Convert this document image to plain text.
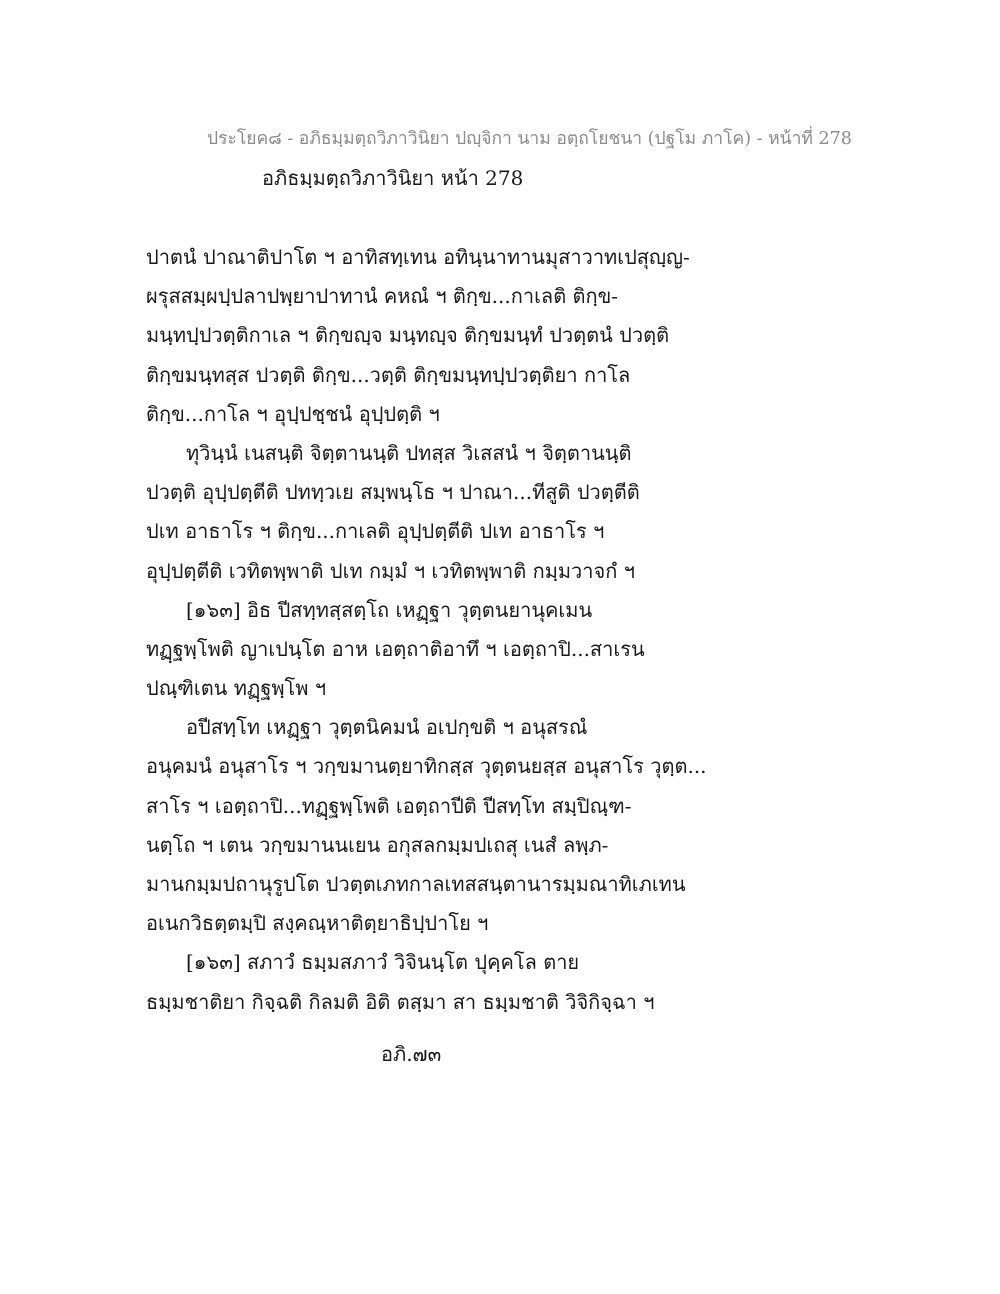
ประโยค๘ - อภิธมฺมตฺถวิภาวินิยา ปญฺจิกา นาม อตฺถโยชนา (ปฐโม ภาโค) - หน้าที่ 278
อภิธมฺมตฺถวิภาวินิยา หน้า 278
ปาตนํ ปาณาติปาโต ฯ อาทิสทฺเทน อทินฺนาทานมุสาวาทเปสุญฺญ-
ผรุสสมฺผปฺปลาปพฺยาปาทานํ คหณํ ฯ ติกฺข...กาเลติ ติกฺข-
มนฺทปฺปวตฺติกาเล ฯ ติกฺขญฺจ มนฺทญฺจ ติกฺขมนฺทํ ปวตฺตนํ ปวตฺติ
ติกฺขมนฺทสฺส ปวตฺติ ติกฺข...วตฺติ ติกฺขมนฺทปฺปวตฺติยา กาโล
ติกฺข...กาโล ฯ อุปฺปชฺชนํ อุปฺปตฺติ ฯ
ทุวินฺนํ เนสนฺติ จิตฺตานนฺติ ปทสฺส วิเสสนํ ฯ จิตฺตานนฺติ
ปวตฺติ อุปฺปตฺตีติ ปททฺวเย สมฺพนฺโธ ฯ ปาณา...ทีสูติ ปวตฺตีติ
ปเท อาธาโร ฯ ติกฺข...กาเลติ อุปฺปตฺตีติ ปเท อาธาโร ฯ
อุปฺปตฺตีติ เวทิตพฺพาติ ปเท กมฺมํ ฯ เวทิตพฺพาติ กมฺมวาจกํ ฯ
[๑๖๓] อิธ ปีสทฺทสฺสตฺโถ เหฏฺฐา วุตฺตนยานุคเมน
ทฏฺฐพฺโพติ ญาเปนฺโต อาห เอตฺถาติอาทึ ฯ เอตฺถาปิ...สาเรน
ปณฺฑิเตน ทฏฺฐพฺโพ ฯ
อปีสทฺโท เหฏฺฐา วุตฺตนิคมนํ อเปกฺขติ ฯ อนุสรณํ
อนุคมนํ อนุสาโร ฯ วกฺขมานตฺยาทิกสฺส วุตฺตนยสฺส อนุสาโร วุตฺต...
สาโร ฯ เอตฺถาปิ...ทฏฺฐพฺโพติ เอตฺถาปีติ ปีสทฺโท สมฺปิณฺฑ-
นตฺโถ ฯ เตน วกฺขมานนเยน อกุสลกมฺมปเถสุ เนสํ ลพฺภ-
มานกมฺมปถานุรูปโต ปวตฺตเภทกาลเทสสนฺตานารมฺมณาทิเภเทน
อเนกวิธตฺตมฺปิ สงฺคณฺหาติตฺยาธิปฺปาโย ฯ
[๑๖๓] สภาวํ ธมฺมสภาวํ วิจินนฺโต ปุคฺคโล ตาย
ธมฺมชาติยา กิจฺฉติ กิลมติ อิติ ตสฺมา สา ธมฺมชาติ วิจิกิจฺฉา ฯ
อภิ.๗๓
